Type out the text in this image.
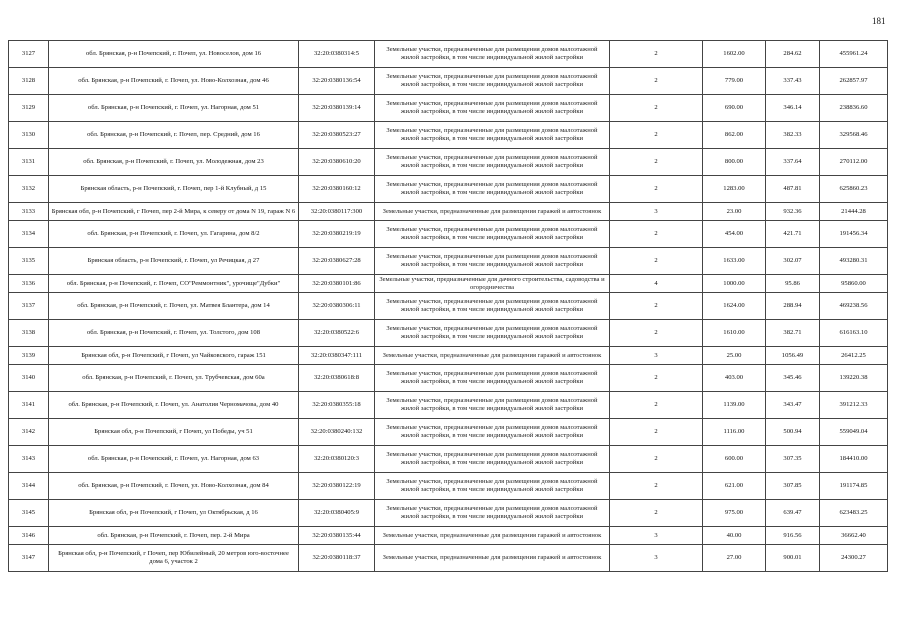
181
3127	обл. Брянская, р-н Почепский, г. Почеп, ул. Новоселов, дом 16	32:20:0380314:5	Земельные участки, предназначенные для размещения домов малоэтажной жилой застройки, в том числе индивидуальной жилой застройки	2	1602.00	284.62	455961.24
3128	обл. Брянская, р-н Почепский, г. Почеп, ул. Ново-Колхозная, дом 46	32:20:0380136:54	Земельные участки, предназначенные для размещения домов малоэтажной жилой застройки, в том числе индивидуальной жилой застройки	2	779.00	337.43	262857.97
3129	обл. Брянская, р-н Почепский, г. Почеп, ул. Нагорная, дом 51	32:20:0380139:14	Земельные участки, предназначенные для размещения домов малоэтажной жилой застройки, в том числе индивидуальной жилой застройки	2	690.00	346.14	238836.60
3130	обл. Брянская, р-н Почепский, г. Почеп, пер. Средний, дом 16	32:20:0380523:27	Земельные участки, предназначенные для размещения домов малоэтажной жилой застройки, в том числе индивидуальной жилой застройки	2	862.00	382.33	329568.46
3131	обл. Брянская, р-н Почепский, г. Почеп, ул. Молодежная, дом 23	32:20:0380610:20	Земельные участки, предназначенные для размещения домов малоэтажной жилой застройки, в том числе индивидуальной жилой застройки	2	800.00	337.64	270112.00
3132	Брянская область, р-н Почепский, г. Почеп, пер 1-й Клубный, д 15	32:20:0380160:12	Земельные участки, предназначенные для размещения домов малоэтажной жилой застройки, в том числе индивидуальной жилой застройки	2	1283.00	487.81	625860.23
3133	Брянская обл, р-н Почепский, г Почеп, пер 2-й Мира, к северу от дома N 19, гараж N 6	32:20:0380117:300	Земельные участки, предназначенные для размещения гаражей и автостоянок	3	23.00	932.36	21444.28
3134	обл. Брянская, р-н Почепский, г. Почеп, ул. Гагарина, дом 8/2	32:20:0380219:19	Земельные участки, предназначенные для размещения домов малоэтажной жилой застройки, в том числе индивидуальной жилой застройки	2	454.00	421.71	191456.34
3135	Брянская область, р-н Почепский, г. Почеп, ул Речицкая, д 27	32:20:0380627:28	Земельные участки, предназначенные для размещения домов малоэтажной жилой застройки, в том числе индивидуальной жилой застройки	2	1633.00	302.07	493280.31
3136	обл. Брянская, р-н Почепский, г. Почеп, СО"Реммонтник", урочище"Дубки"	32:20:0380101:86	Земельные участки, предназначенные для дачного строительства, садоводства и огородничества	4	1000.00	95.86	95860.00
3137	обл. Брянская, р-н Почепский, г. Почеп, ул. Матвея Блантера, дом 14	32:20:0380306:11	Земельные участки, предназначенные для размещения домов малоэтажной жилой застройки, в том числе индивидуальной жилой застройки	2	1624.00	288.94	469238.56
3138	обл. Брянская, р-н Почепский, г. Почеп, ул. Толстого, дом 108	32:20:0380522:6	Земельные участки, предназначенные для размещения домов малоэтажной жилой застройки, в том числе индивидуальной жилой застройки	2	1610.00	382.71	616163.10
3139	Брянская обл, р-н Почепский, г Почеп, ул Чайковского, гараж 151	32:20:0380347:111	Земельные участки, предназначенные для размещения гаражей и автостоянок	3	25.00	1056.49	26412.25
3140	обл. Брянская, р-н Почепский, г. Почеп, ул. Трубчевская, дом 60а	32:20:0380618:8	Земельные участки, предназначенные для размещения домов малоэтажной жилой застройки, в том числе индивидуальной жилой застройки	2	403.00	345.46	139220.38
3141	обл. Брянская, р-н Почепский, г. Почеп, ул. Анатолия Черномачова, дом 40	32:20:0380355:18	Земельные участки, предназначенные для размещения домов малоэтажной жилой застройки, в том числе индивидуальной жилой застройки	2	1139.00	343.47	391212.33
3142	Брянская обл, р-н Почепский, г Почеп, ул Победы, уч 51	32:20:0380240:132	Земельные участки, предназначенные для размещения домов малоэтажной жилой застройки, в том числе индивидуальной жилой застройки	2	1116.00	500.94	559049.04
3143	обл. Брянская, р-н Почепский, г. Почеп, ул. Нагорная, дом 63	32:20:0380120:3	Земельные участки, предназначенные для размещения домов малоэтажной жилой застройки, в том числе индивидуальной жилой застройки	2	600.00	307.35	184410.00
3144	обл. Брянская, р-н Почепский, г. Почеп, ул. Ново-Колхозная, дом 84	32:20:0380122:19	Земельные участки, предназначенные для размещения домов малоэтажной жилой застройки, в том числе индивидуальной жилой застройки	2	621.00	307.85	191174.85
3145	Брянская обл, р-н Почепский, г Почеп, ул Октябрьская, д 16	32:20:0380405:9	Земельные участки, предназначенные для размещения домов малоэтажной жилой застройки, в том числе индивидуальной жилой застройки	2	975.00	639.47	623483.25
3146	обл. Брянская, р-н Почепский, г. Почеп, пер. 2-й Мира	32:20:0380135:44	Земельные участки, предназначенные для размещения гаражей и автостоянок	3	40.00	916.56	36662.40
3147	Брянская обл, р-н Почепский, г Почеп, пер Юбилейный, 20 метров юго-восточнее дома 6, участок 2	32:20:0380118:37	Земельные участки, предназначенные для размещения гаражей и автостоянок	3	27.00	900.01	24300.27
